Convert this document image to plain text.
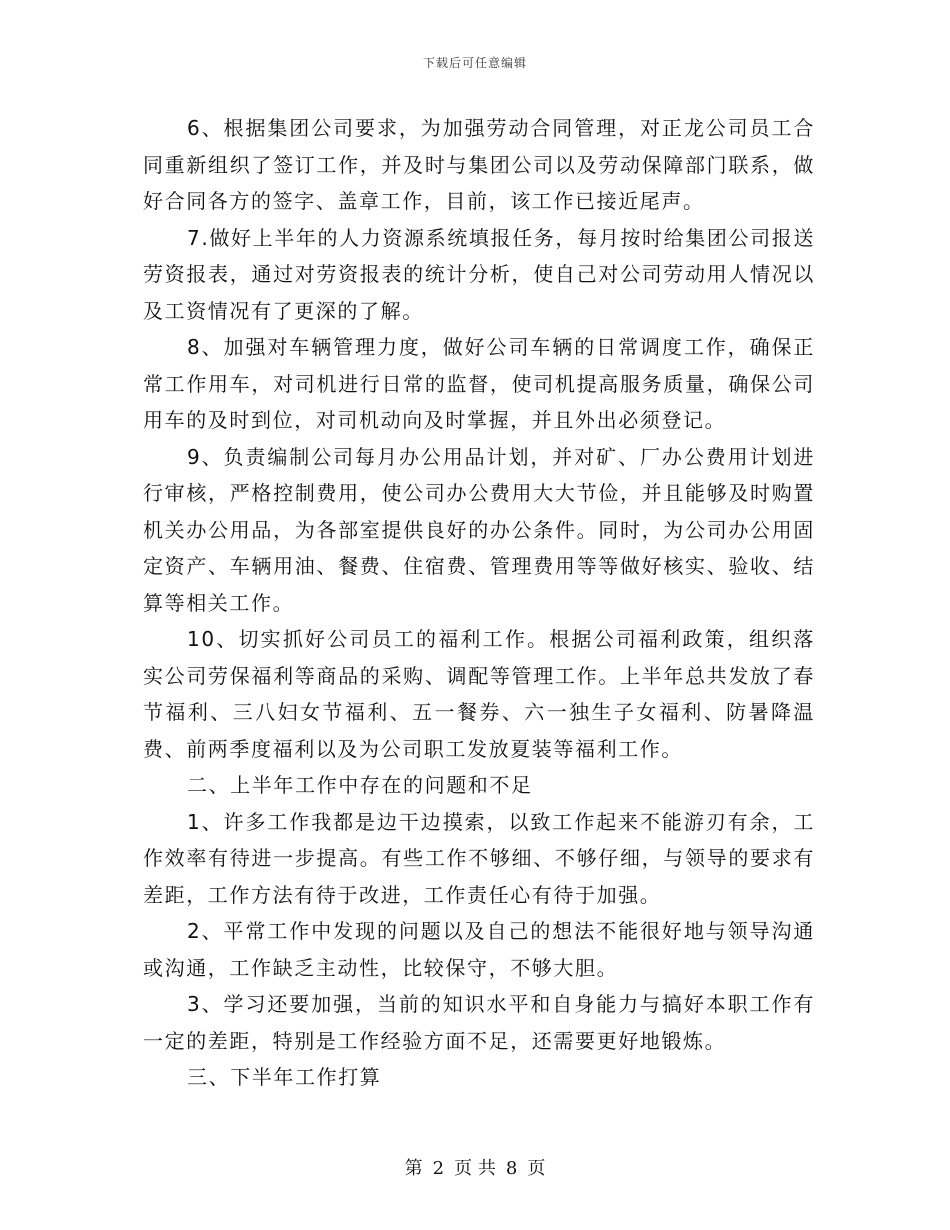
下载后可任意编辑

6、根据集团公司要求，为加强劳动合同管理，对正龙公司员工合同重新组织了签订工作，并及时与集团公司以及劳动保障部门联系，做好合同各方的签字、盖章工作，目前，该工作已接近尾声。

7.做好上半年的人力资源系统填报任务，每月按时给集团公司报送劳资报表，通过对劳资报表的统计分析，使自己对公司劳动用人情况以及工资情况有了更深的了解。

8、加强对车辆管理力度，做好公司车辆的日常调度工作，确保正常工作用车，对司机进行日常的监督，使司机提高服务质量，确保公司用车的及时到位，对司机动向及时掌握，并且外出必须登记。

9、负责编制公司每月办公用品计划，并对矿、厂办公费用计划进行审核，严格控制费用，使公司办公费用大大节俭，并且能够及时购置机关办公用品，为各部室提供良好的办公条件。同时，为公司办公用固定资产、车辆用油、餐费、住宿费、管理费用等等做好核实、验收、结算等相关工作。

10、切实抓好公司员工的福利工作。根据公司福利政策，组织落实公司劳保福利等商品的采购、调配等管理工作。上半年总共发放了春节福利、三八妇女节福利、五一餐券、六一独生子女福利、防暑降温费、前两季度福利以及为公司职工发放夏装等福利工作。

二、上半年工作中存在的问题和不足

1、许多工作我都是边干边摸索，以致工作起来不能游刃有余，工作效率有待进一步提高。有些工作不够细、不够仔细，与领导的要求有差距，工作方法有待于改进，工作责任心有待于加强。

2、平常工作中发现的问题以及自己的想法不能很好地与领导沟通或沟通，工作缺乏主动性，比较保守，不够大胆。

3、学习还要加强，当前的知识水平和自身能力与搞好本职工作有一定的差距，特别是工作经验方面不足，还需要更好地锻炼。

三、下半年工作打算

第 2 页 共 8 页
